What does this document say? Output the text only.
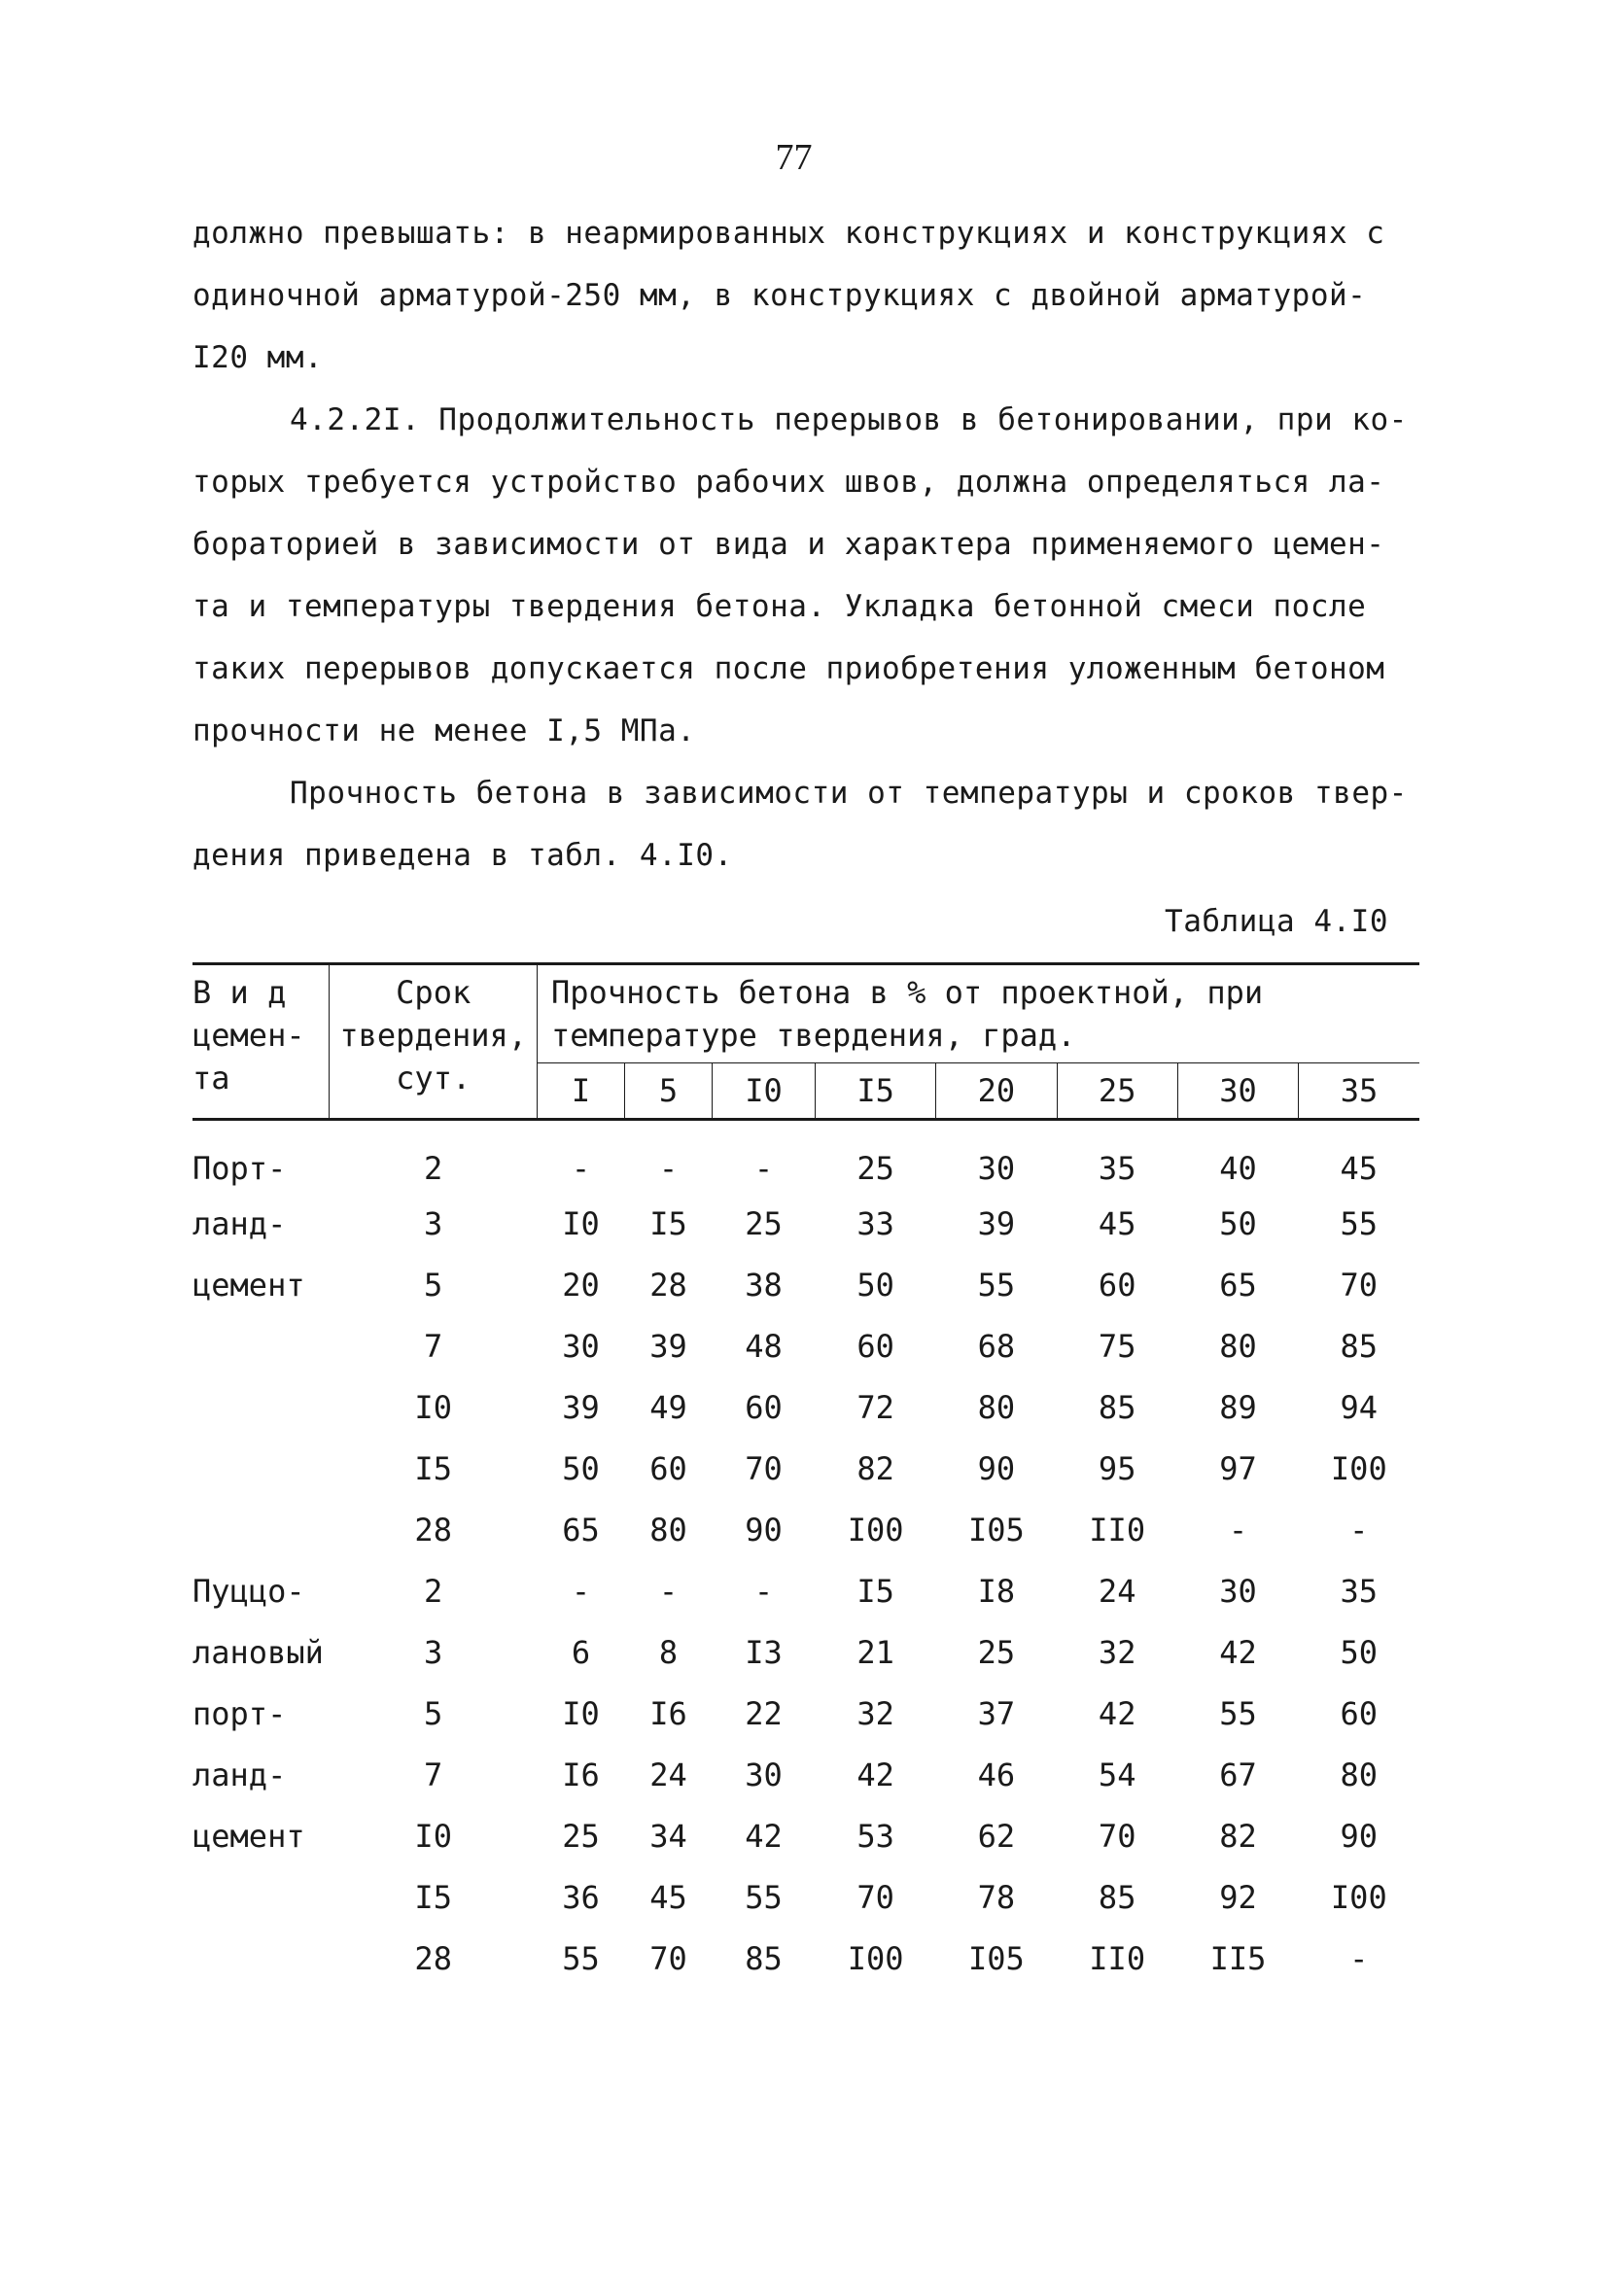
77

должно превышать: в неармированных конструкциях и конструкциях с

одиночной арматурой-250 мм, в конструкциях с двойной арматурой-

I20 мм.

4.2.2I. Продолжительность перерывов в бетонировании, при ко-

торых требуется устройство рабочих швов, должна определяться ла-

бораторией в зависимости от вида и характера применяемого цемен-

та и температуры твердения бетона. Укладка бетонной смеси после

таких перерывов допускается после приобретения уложенным бетоном

прочности не менее I,5 МПа.

Прочность бетона в зависимости от температуры и сроков твер-

дения приведена в табл. 4.I0.

Таблица 4.I0
В и д цемен- та	Срок твердения, сут.	Прочность бетона в % от проектной, при температуре твердения, град.							
		I	5	I0	I5	20	25	30	35
Порт-	2	-	-	-	25	30	35	40	45
ланд-	3	I0	I5	25	33	39	45	50	55
цемент	5	20	28	38	50	55	60	65	70
	7	30	39	48	60	68	75	80	85
	I0	39	49	60	72	80	85	89	94
	I5	50	60	70	82	90	95	97	I00
	28	65	80	90	I00	I05	II0	-	-
Пуццо-	2	-	-	-	I5	I8	24	30	35
лановый	3	6	8	I3	21	25	32	42	50
порт-	5	I0	I6	22	32	37	42	55	60
ланд-	7	I6	24	30	42	46	54	67	80
цемент	I0	25	34	42	53	62	70	82	90
	I5	36	45	55	70	78	85	92	I00
	28	55	70	85	I00	I05	II0	II5	-
